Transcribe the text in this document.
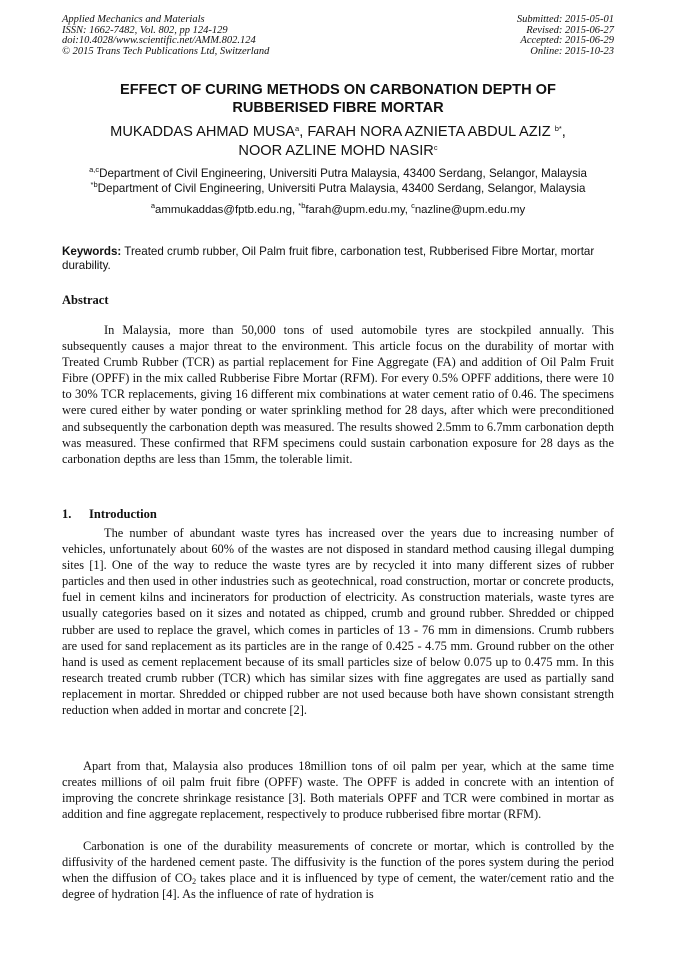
Applied Mechanics and Materials
ISSN: 1662-7482, Vol. 802, pp 124-129
doi:10.4028/www.scientific.net/AMM.802.124
© 2015 Trans Tech Publications Ltd, Switzerland
Submitted: 2015-05-01
Revised: 2015-06-27
Accepted: 2015-06-29
Online: 2015-10-23
EFFECT OF CURING METHODS ON CARBONATION DEPTH OF
RUBBERISED FIBRE MORTAR
MUKADDAS AHMAD MUSA$^a$, FARAH NORA AZNIETA ABDUL AZIZ $^{b*}$,
NOOR AZLINE MOHD NASIR$^c$
$^{a,c}$Department of Civil Engineering, Universiti Putra Malaysia, 43400 Serdang, Selangor, Malaysia
$^{*b}$Department of Civil Engineering, Universiti Putra Malaysia, 43400 Serdang, Selangor, Malaysia
$^a$ammukaddas@fptb.edu.ng, $^{*b}$farah@upm.edu.my, $^c$nazline@upm.edu.my
Keywords: Treated crumb rubber, Oil Palm fruit fibre, carbonation test, Rubberised Fibre Mortar, mortar durability.
Abstract
In Malaysia, more than 50,000 tons of used automobile tyres are stockpiled annually. This subsequently causes a major threat to the environment. This article focus on the durability of mortar with Treated Crumb Rubber (TCR) as partial replacement for Fine Aggregate (FA) and addition of Oil Palm Fruit Fibre (OPFF) in the mix called Rubberise Fibre Mortar (RFM). For every 0.5% OPFF additions, there were 10 to 30% TCR replacements, giving 16 different mix combinations at water cement ratio of 0.46. The specimens were cured either by water ponding or water sprinkling method for 28 days, after which were preconditioned and subsequently the carbonation depth was measured. The results showed 2.5mm to 6.7mm carbonation depth was measured. These confirmed that RFM specimens could sustain carbonation exposure for 28 days as the carbonation depths are less than 15mm, the tolerable limit.
1. Introduction
The number of abundant waste tyres has increased over the years due to increasing number of vehicles, unfortunately about 60% of the wastes are not disposed in standard method causing illegal dumping sites [1]. One of the way to reduce the waste tyres are by recycled it into many different sizes of rubber particles and then used in other industries such as geotechnical, road construction, mortar or concrete products, fuel in cement kilns and incinerators for production of electricity. As construction materials, waste tyres are usually categories based on it sizes and notated as chipped, crumb and ground rubber. Shredded or chipped rubber are used to replace the gravel, which comes in particles of 13 - 76 mm in dimensions. Crumb rubbers are used for sand replacement as its particles are in the range of 0.425 - 4.75 mm. Ground rubber on the other hand is used as cement replacement because of its small particles size of below 0.075 up to 0.475 mm. In this research treated crumb rubber (TCR) which has similar sizes with fine aggregates are used as partially sand replacement in mortar. Shredded or chipped rubber are not used because both have shown consistant strength reduction when added in mortar and concrete [2].
Apart from that, Malaysia also produces 18million tons of oil palm per year, which at the same time creates millions of oil palm fruit fibre (OPFF) waste. The OPFF is added in concrete with an intention of improving the concrete shrinkage resistance [3]. Both materials OPFF and TCR were combined in mortar as addition and fine aggregate replacement, respectively to produce rubberised fibre mortar (RFM).
Carbonation is one of the durability measurements of concrete or mortar, which is controlled by the diffusivity of the hardened cement paste. The diffusivity is the function of the pores system during the period when the diffusion of $CO_2$ takes place and it is influenced by type of cement, the water/cement ratio and the degree of hydration [4]. As the influence of rate of hydration is
